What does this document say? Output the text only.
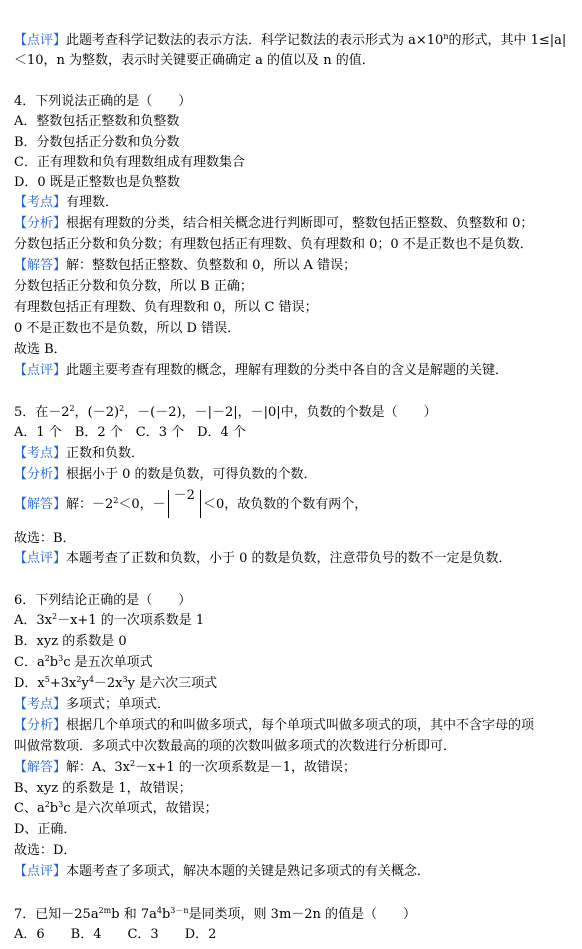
【点评】此题考查科学记数法的表示方法．科学记数法的表示形式为 $a\times 10^n$的形式，其中 1≤|a|
＜10，n 为整数，表示时关键要正确确定 a 的值以及 n 的值．
4．下列说法正确的是（　　）
A．整数包括正整数和负整数
B．分数包括正分数和负分数
C．正有理数和负有理数组成有理数集合
D．0 既是正整数也是负整数
【考点】有理数．
【分析】根据有理数的分类，结合相关概念进行判断即可，整数包括正整数、负整数和 0；
分数包括正分数和负分数；有理数包括正有理数、负有理数和 0；0 不是正数也不是负数．
【解答】解：整数包括正整数、负整数和 0，所以 A 错误；
分数包括正分数和负分数，所以 B 正确；
有理数包括正有理数、负有理数和 0，所以 C 错误；
0 不是正数也不是负数，所以 D 错误．
故选 B．
【点评】此题主要考查有理数的概念，理解有理数的分类中各自的含义是解题的关键．
5．在$-2^2$，$(-2)^2$，－(－2)，－|－2|，－|0|中，负数的个数是（　　）
A．1 个　B．2 个　C．3 个　D．4 个
【考点】正数和负数．
【分析】根据小于 0 的数是负数，可得负数的个数．
【解答】解：$-2^2<0$，－
－2
＜0，故负数的个数有两个，
故选：B．
【点评】本题考查了正数和负数，小于 0 的数是负数，注意带负号的数不一定是负数．
6．下列结论正确的是（　　）
A．$3x^2-x+1$ 的一次项系数是 1
B．xyz 的系数是 0
C．$a^2b^3c$ 是五次单项式
D．$x^5+3x^2y^4-2x^3y$ 是六次三项式
【考点】多项式；单项式．
【分析】根据几个单项式的和叫做多项式，每个单项式叫做多项式的项，其中不含字母的项
叫做常数项．多项式中次数最高的项的次数叫做多项式的次数进行分析即可．
【解答】解：A、$3x^2-x+1$ 的一次项系数是－1，故错误；
B、xyz 的系数是 1，故错误；
C、$a^2b^3c$ 是六次单项式，故错误；
D、正确．
故选：D．
【点评】本题考查了多项式，解决本题的关键是熟记多项式的有关概念．
7．已知$-25a^{2m}b$ 和 $7a^4b^{3-n}$是同类项，则 3m－2n 的值是（　　）
A．6　　B．4　　C．3　　D．2
